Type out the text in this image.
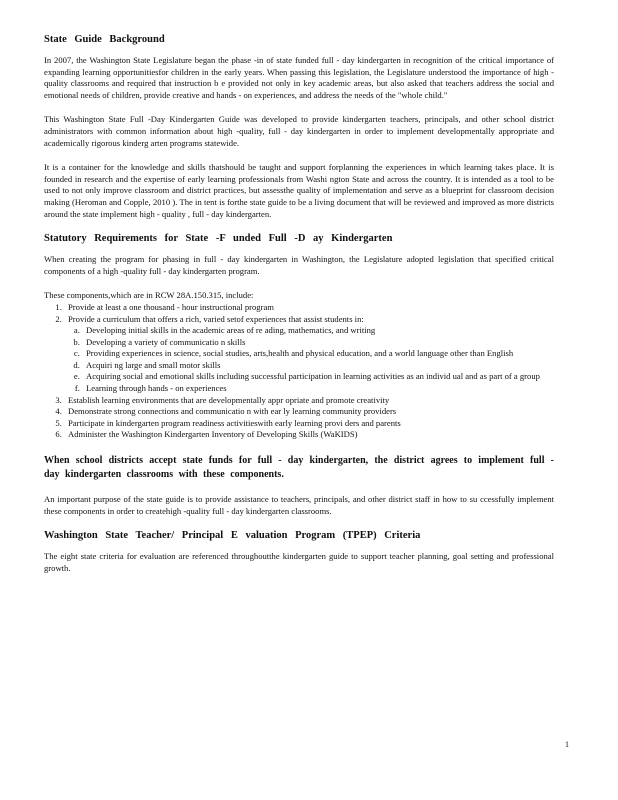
State Guide Background

In 2007, the Washington State Legislature began the phase -in of state funded full - day kindergarten in recognition of the critical importance of expanding learning opportunitiesfor children in the early years. When passing this legislation, the Legislature understood the importance of high -quality classrooms and required that instruction b e provided not only in key academic areas, but also asked that teachers address the social and emotional needs of children, provide creative and hands - on experiences, and address the needs of the "whole child."

This Washington State Full -Day Kindergarten Guide was developed to provide kindergarten teachers, principals, and other school district administrators with common information about high -quality, full - day kindergarten in order to implement developmentally appropriate and academically rigorous kinderg arten programs statewide.

It is a container for the knowledge and skills thatshould be taught and support forplanning the experiences in which learning takes place. It is founded in research and the expertise of early learning professionals from Washi ngton State and across the country. It is intended as a tool to be used to not only improve classroom and district practices, but assessthe quality of implementation and serve as a blueprint for classroom decision making (Heroman and Copple, 2010 ). The in tent is forthe state guide to be a living document that will be reviewed and improved as more districts around the state implement high - quality , full - day kindergarten.

Statutory Requirements for State -F unded Full -D ay Kindergarten

When creating the program for phasing in full - day kindergarten in Washington, the Legislature adopted legislation that specified critical components of a high -quality full - day kindergarten program.

These components,which are in RCW 28A.150.315, include:

1. Provide at least a one thousand - hour instructional program
2. Provide a curriculum that offers a rich, varied setof experiences that assist students in:
a. Developing initial skills in the academic areas of re ading, mathematics, and writing
b. Developing a variety of communicatio n skills
c. Providing experiences in science, social studies, arts,health and physical education, and a world language other than English
d. Acquiri ng large and small motor skills
e. Acquiring social and emotional skills including successful participation in learning activities as an individ ual and as part of a group
f. Learning through hands - on experiences
3. Establish learning environments that are developmentally appr opriate and promote creativity
4. Demonstrate strong connections and communicatio n with ear ly learning community providers
5. Participate in kindergarten program readiness activitieswith early learning provi ders and parents
6. Administer the Washington Kindergarten Inventory of Developing Skills (WaKIDS)
When school districts accept state funds for full - day kindergarten, the district agrees to implement full - day kindergarten classrooms with these components.

An important purpose of the state guide is to provide assistance to teachers, principals, and other district staff in how to su ccessfully implement these components in order to createhigh -quality full - day kindergarten classrooms.

Washington State Teacher/ Principal E valuation Program (TPEP) Criteria

The eight state criteria for evaluation are referenced throughoutthe kindergarten guide to support teacher planning, goal setting and professional growth.

1
